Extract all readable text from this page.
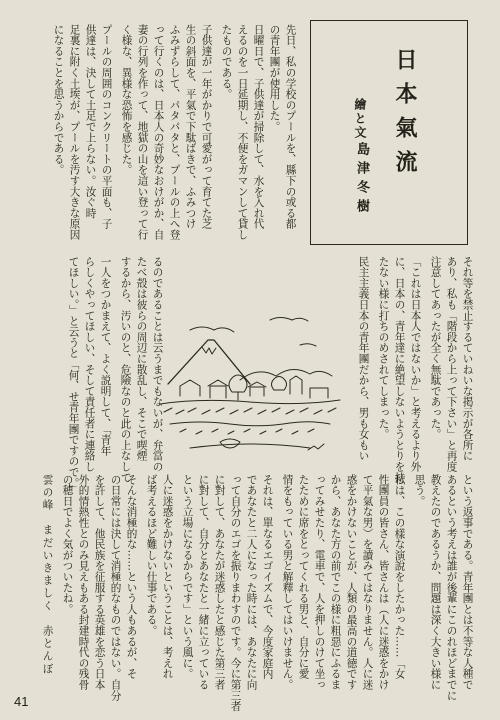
日本氣流
繪と文
島津冬樹
先日、私の学校のプールを、縣下の或る都
の青年團が使用した。
日曜日で、子供達が掃除して、水を入れ代
えるのを一日延期し、不便をガマンして貸し
たものである。
子供達が一年がかりで可愛がって育てた芝
生の斜面を、平氣で下駄ばきで、ふみつけ
ふみずらして、パタパタと、プールの上へ登
って行くのは、日本人の奇妙なおけがか、自
妻の行列を作って、地獄の山を這い登って行
く様な、異様な恐怖を感じた。
プールの周囲のコンクリートの平面も、子
供達は、決して土足で上らない。汝ぐ時
足裏に附く土埃が、プールを汚す大きな原因
になることを思うからである。
るのであることは云うまでもないが、弁當の
たべ殻は彼らの周辺に散乱し、そこで喫煙
するから、汚いのと、危險なのと此の上なして
一人をつかまえて、よく説明して、「青年
らしくやってほしい、そして責任者に連絡し
てほしい。」と云うと「何、せ青年團ですので。」	それ等を禁止するていねいな掲示が各所に
あり、私も「階段から上って下さい」と再度
注意してあったが全く無駄であった。
「これは日本人ではないか」と考えるより外
に、日本の、青年達に絶望しないようとりを持
たない様に打ちのめされてしまった。
民主主義日本の青年團だから、男も女もい
という返事である。青年團とは不等な人種で
あるという考えは誰が後輩にこのれほどまでに
教えたのであるうか、問題は深く大きい様に
思う。
私は、この樣な演說をしたかった……「女
性團員の皆さん、皆さんは（人に迷惑をかけ
て平氣な男）を讀みてはなりません。人に迷
惑をかけないことが、人類の最高の道徳です
から、あなた方の前でこの様に粗惡にふるま
ってみせたり、電車で、人を押しのけて坐っ
たために席をとってくれる男と、自分に愛
情をもっている男と解釋してはいけません。
それは、單なるエゴイズムで、今度家庭内
であなたと二人になった時には、あなたに向
って自分のエゴを振りまわすのです。今に第三者
に對して、あなたが迷惑したと感じた第三者
に對して、自分とあなたと一緒に立っている
という立場になるからです」という風に。
人に迷惑をかけないということは、考えれ
ば考えるほど難しい仕事である。
そんな消極的な……という人もあるが、そ
の日常には決して消極的なものではない。自分
を許して、他民族を征服する英雄を恋う日本
外的情熱性とのみ見えもある封建時代の残骨
の穂日でよく気がついたね。
雲の峰　まだいきましく　赤とんぼ
41
